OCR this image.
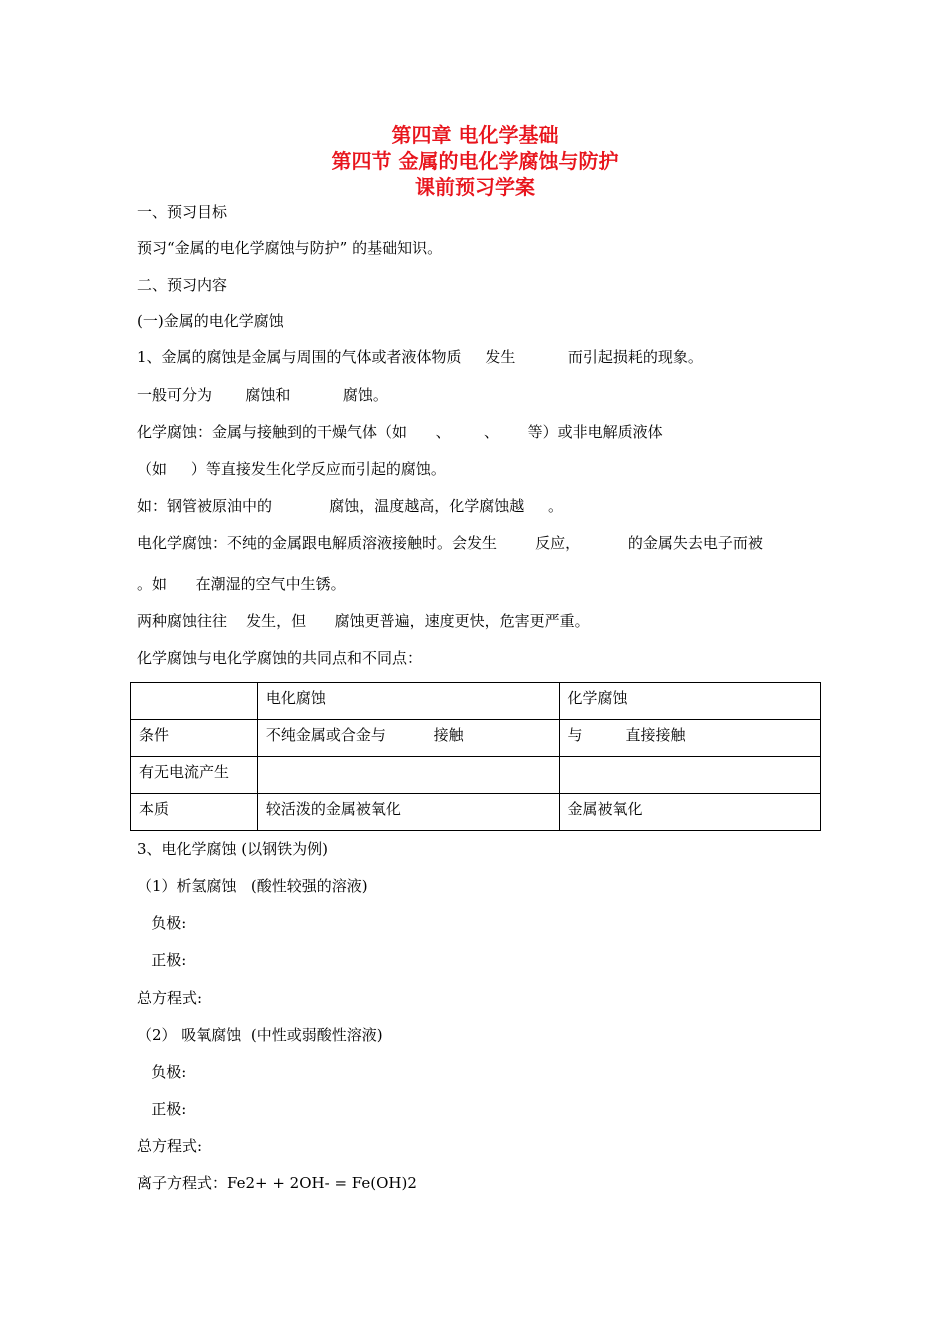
第四章 电化学基础
第四节 金属的电化学腐蚀与防护
课前预习学案
一、预习目标
预习“金属的电化学腐蚀与防护” 的基础知识。
二、预习内容
(一)金属的电化学腐蚀
1、金属的腐蚀是金属与周围的气体或者液体物质     发生           而引起损耗的现象。
一般可分为       腐蚀和           腐蚀。
化学腐蚀：金属与接触到的干燥气体（如      、       、      等）或非电解质液体
（如     ）等直接发生化学反应而引起的腐蚀。
如：钢管被原油中的            腐蚀，温度越高，化学腐蚀越     。
电化学腐蚀：不纯的金属跟电解质溶液接触时。会发生        反应，          的金属失去电子而被
。如      在潮湿的空气中生锈。
两种腐蚀往往    发生，但      腐蚀更普遍，速度更快，危害更严重。
化学腐蚀与电化学腐蚀的共同点和不同点：
	电化腐蚀	化学腐蚀
条件	不纯金属或合金与          接触	与         直接接触
有无电流产生		
本质	较活泼的金属被氧化	金属被氧化
3、电化学腐蚀 (以钢铁为例)
（1）析氢腐蚀   (酸性较强的溶液)
负极:
正极:
总方程式:
（2） 吸氧腐蚀  (中性或弱酸性溶液)
负极:
正极:
总方程式:
离子方程式：Fe2+ + 2OH- = Fe(OH)2
